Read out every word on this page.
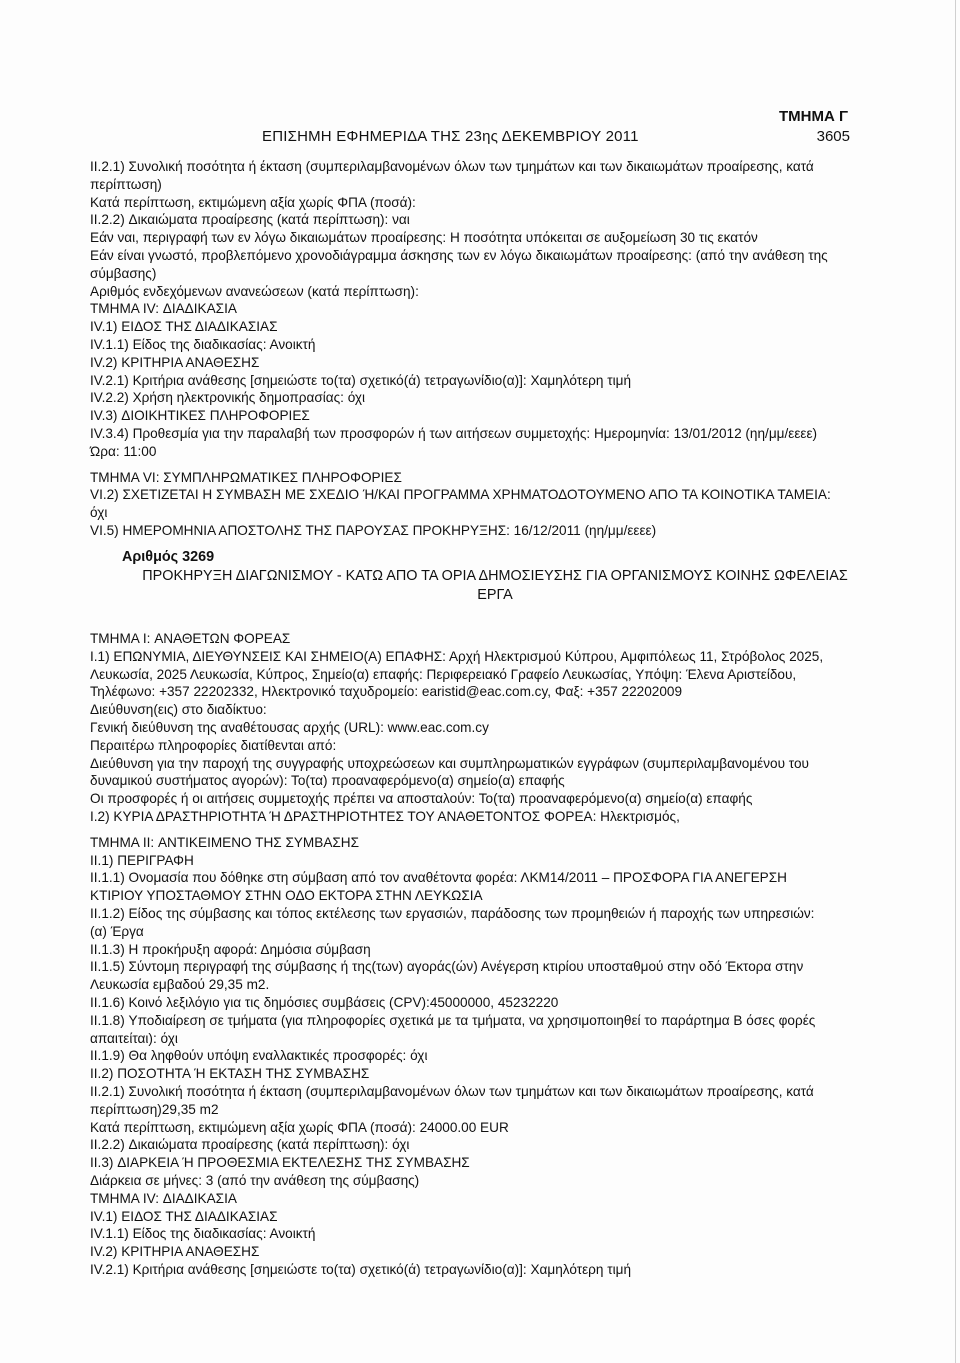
ΤΜΗΜΑ Γ
ΕΠΙΣΗΜΗ ΕΦΗΜΕΡΙΔΑ ΤΗΣ 23ης ΔΕΚΕΜΒΡΙΟΥ 2011	3605

II.2.1) Συνολική ποσότητα ή έκταση (συμπεριλαμβανομένων όλων των τμημάτων και των δικαιωμάτων προαίρεσης, κατά

περίπτωση)

Κατά περίπτωση, εκτιμώμενη αξία χωρίς ΦΠΑ (ποσά):

II.2.2) Δικαιώματα προαίρεσης (κατά περίπτωση): ναι

Εάν ναι, περιγραφή των εν λόγω δικαιωμάτων προαίρεσης: Η ποσότητα υπόκειται σε αυξομείωση 30 τις εκατόν

Εάν είναι γνωστό, προβλεπόμενο χρονοδιάγραμμα άσκησης των εν λόγω δικαιωμάτων προαίρεσης: (από την ανάθεση της

σύμβασης)

Αριθμός ενδεχόμενων ανανεώσεων (κατά περίπτωση):

ΤΜΗΜΑ IV: ΔΙΑΔΙΚΑΣΙΑ

IV.1) ΕΙΔΟΣ ΤΗΣ ΔΙΑΔΙΚΑΣΙΑΣ

IV.1.1) Είδος της διαδικασίας: Ανοικτή

IV.2) ΚΡΙΤΗΡΙΑ ΑΝΑΘΕΣΗΣ

IV.2.1) Κριτήρια ανάθεσης [σημειώστε το(τα) σχετικό(ά) τετραγωνίδιο(α)]: Χαμηλότερη τιμή

IV.2.2) Χρήση ηλεκτρονικής δημοπρασίας: όχι

IV.3) ΔΙΟΙΚΗΤΙΚΕΣ ΠΛΗΡΟΦΟΡΙΕΣ

IV.3.4) Προθεσμία για την παραλαβή των προσφορών ή των αιτήσεων συμμετοχής: Ημερομηνία: 13/01/2012 (ηη/μμ/εεεε)

Ώρα: 11:00

ΤΜΗΜΑ VI: ΣΥΜΠΛΗΡΩΜΑΤΙΚΕΣ ΠΛΗΡΟΦΟΡΙΕΣ

VI.2) ΣΧΕΤΙΖΕΤΑΙ Η ΣΥΜΒΑΣΗ ΜΕ ΣΧΕΔΙΟ Ή/ΚΑΙ ΠΡΟΓΡΑΜΜΑ ΧΡΗΜΑΤΟΔΟΤΟΥΜΕΝΟ ΑΠΟ ΤΑ ΚΟΙΝΟΤΙΚΑ ΤΑΜΕΙΑ:

όχι

VI.5) ΗΜΕΡΟΜΗΝΙΑ ΑΠΟΣΤΟΛΗΣ ΤΗΣ ΠΑΡΟΥΣΑΣ ΠΡΟΚΗΡΥΞΗΣ: 16/12/2011 (ηη/μμ/εεεε)

Αριθμός 3269
ΠΡΟΚΗΡΥΞΗ ΔΙΑΓΩΝΙΣΜΟΥ - ΚΑΤΩ ΑΠΟ ΤΑ ΟΡΙΑ ΔΗΜΟΣΙΕΥΣΗΣ ΓΙΑ ΟΡΓΑΝΙΣΜΟΥΣ ΚΟΙΝΗΣ ΩΦΕΛΕΙΑΣ ΕΡΓΑ

ΤΜΗΜΑ I: ΑΝΑΘΕΤΩΝ ΦΟΡΕΑΣ

I.1) ΕΠΩΝΥΜΙΑ, ΔΙΕΥΘΥΝΣΕΙΣ ΚΑΙ ΣΗΜΕΙΟ(Α) ΕΠΑΦΗΣ: Αρχή Ηλεκτρισμού Κύπρου, Αμφιπόλεως 11, Στρόβολος 2025,

Λευκωσία, 2025 Λευκωσία, Κύπρος, Σημείο(α) επαφής: Περιφερειακό Γραφείο Λευκωσίας, Υπόψη: Έλενα Αριστείδου,

Τηλέφωνο: +357 22202332, Ηλεκτρονικό ταχυδρομείο: earistid@eac.com.cy, Φαξ: +357 22202009

Διεύθυνση(εις) στο διαδίκτυο:

Γενική διεύθυνση της αναθέτουσας αρχής (URL): www.eac.com.cy

Περαιτέρω πληροφορίες διατίθενται από:

Διεύθυνση για την παροχή της συγγραφής υποχρεώσεων και συμπληρωματικών εγγράφων (συμπεριλαμβανομένου του

δυναμικού συστήματος αγορών): Το(τα) προαναφερόμενο(α) σημείο(α) επαφής

Οι προσφορές ή οι αιτήσεις συμμετοχής πρέπει να αποσταλούν: Το(τα) προαναφερόμενο(α) σημείο(α) επαφής

I.2) ΚΥΡΙΑ ΔΡΑΣΤΗΡΙΟΤΗΤΑ Ή ΔΡΑΣΤΗΡΙΟΤΗΤΕΣ ΤΟΥ ΑΝΑΘΕΤΟΝΤΟΣ ΦΟΡΕΑ: Ηλεκτρισμός,

ΤΜΗΜΑ II: ΑΝΤΙΚΕΙΜΕΝΟ ΤΗΣ ΣΥΜΒΑΣΗΣ

II.1) ΠΕΡΙΓΡΑΦΗ

II.1.1) Ονομασία που δόθηκε στη σύμβαση από τον αναθέτοντα φορέα: ΛΚΜ14/2011 – ΠΡΟΣΦΟΡΑ ΓΙΑ ΑΝΕΓΕΡΣΗ

ΚΤΙΡΙΟΥ ΥΠΟΣΤΑΘΜΟΥ ΣΤΗΝ ΟΔΟ ΕΚΤΟΡΑ ΣΤΗΝ ΛΕΥΚΩΣΙΑ

II.1.2) Είδος της σύμβασης και τόπος εκτέλεσης των εργασιών, παράδοσης των προμηθειών ή παροχής των υπηρεσιών:

(α) Έργα

II.1.3) Η προκήρυξη αφορά: Δημόσια σύμβαση

II.1.5) Σύντομη περιγραφή της σύμβασης ή της(των) αγοράς(ών) Ανέγερση κτιρίου υποσταθμού στην οδό Έκτορα στην

Λευκωσία εμβαδού 29,35 m2.

II.1.6) Κοινό λεξιλόγιο για τις δημόσιες συμβάσεις (CPV):45000000, 45232220

II.1.8) Υποδιαίρεση σε τμήματα (για πληροφορίες σχετικά με τα τμήματα, να χρησιμοποιηθεί το παράρτημα Β όσες φορές

απαιτείται): όχι

II.1.9) Θα ληφθούν υπόψη εναλλακτικές προσφορές: όχι

II.2) ΠΟΣΟΤΗΤΑ Ή ΕΚΤΑΣΗ ΤΗΣ ΣΥΜΒΑΣΗΣ

II.2.1) Συνολική ποσότητα ή έκταση (συμπεριλαμβανομένων όλων των τμημάτων και των δικαιωμάτων προαίρεσης, κατά

περίπτωση)29,35 m2

Κατά περίπτωση, εκτιμώμενη αξία χωρίς ΦΠΑ (ποσά): 24000.00 EUR

II.2.2) Δικαιώματα προαίρεσης (κατά περίπτωση): όχι

II.3) ΔΙΑΡΚΕΙΑ Ή ΠΡΟΘΕΣΜΙΑ ΕΚΤΕΛΕΣΗΣ ΤΗΣ ΣΥΜΒΑΣΗΣ

Διάρκεια σε μήνες: 3 (από την ανάθεση της σύμβασης)

ΤΜΗΜΑ IV: ΔΙΑΔΙΚΑΣΙΑ

IV.1) ΕΙΔΟΣ ΤΗΣ ΔΙΑΔΙΚΑΣΙΑΣ

IV.1.1) Είδος της διαδικασίας: Ανοικτή

IV.2) ΚΡΙΤΗΡΙΑ ΑΝΑΘΕΣΗΣ

IV.2.1) Κριτήρια ανάθεσης [σημειώστε το(τα) σχετικό(ά) τετραγωνίδιο(α)]: Χαμηλότερη τιμή
